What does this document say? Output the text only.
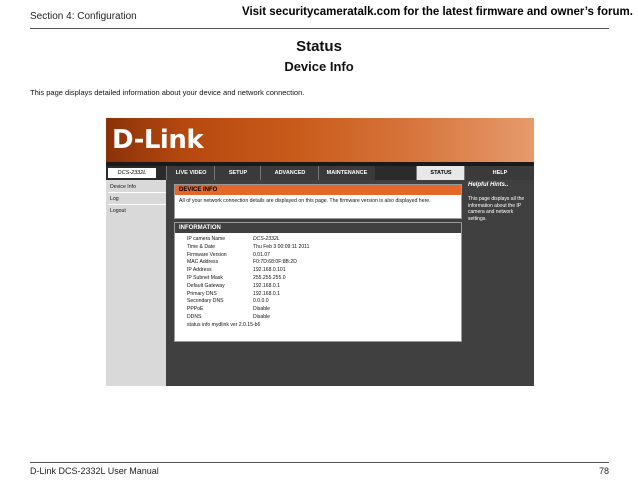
Section 4: Configuration	Visit securitycameratalk.com for the latest firmware and owner’s forum.
Status
Device Info
This page displays detailed information about your device and network connection.
D-Link
DCS-2332L	LIVE VIDEO	SETUP	ADVANCED	MAINTENANCE	STATUS	HELP
Device Info
Log
Logout
DEVICE INFO
All of your network connection details are displayed on this page. The firmware version is also displayed here.
INFORMATION
IP camera Name	DCS-2332L
Time & Date	Thu Feb 3 00:09:11 2011
Firmware Version	0.01.07
MAC Address	F0:7D:68:0F:8B:2D
IP Address	192.168.0.101
IP Subnet Mask	255.255.255.0
Default Gateway	192.168.0.1
Primary DNS	192.168.0.1
Secondary DNS	0.0.0.0
PPPoE	Disable
DDNS	Disable
status info mydlink ver 2.0.15-b6
Helpful Hints..
This page displays all the information about the IP camera and network settings.
D-Link DCS-2332L User Manual	78
